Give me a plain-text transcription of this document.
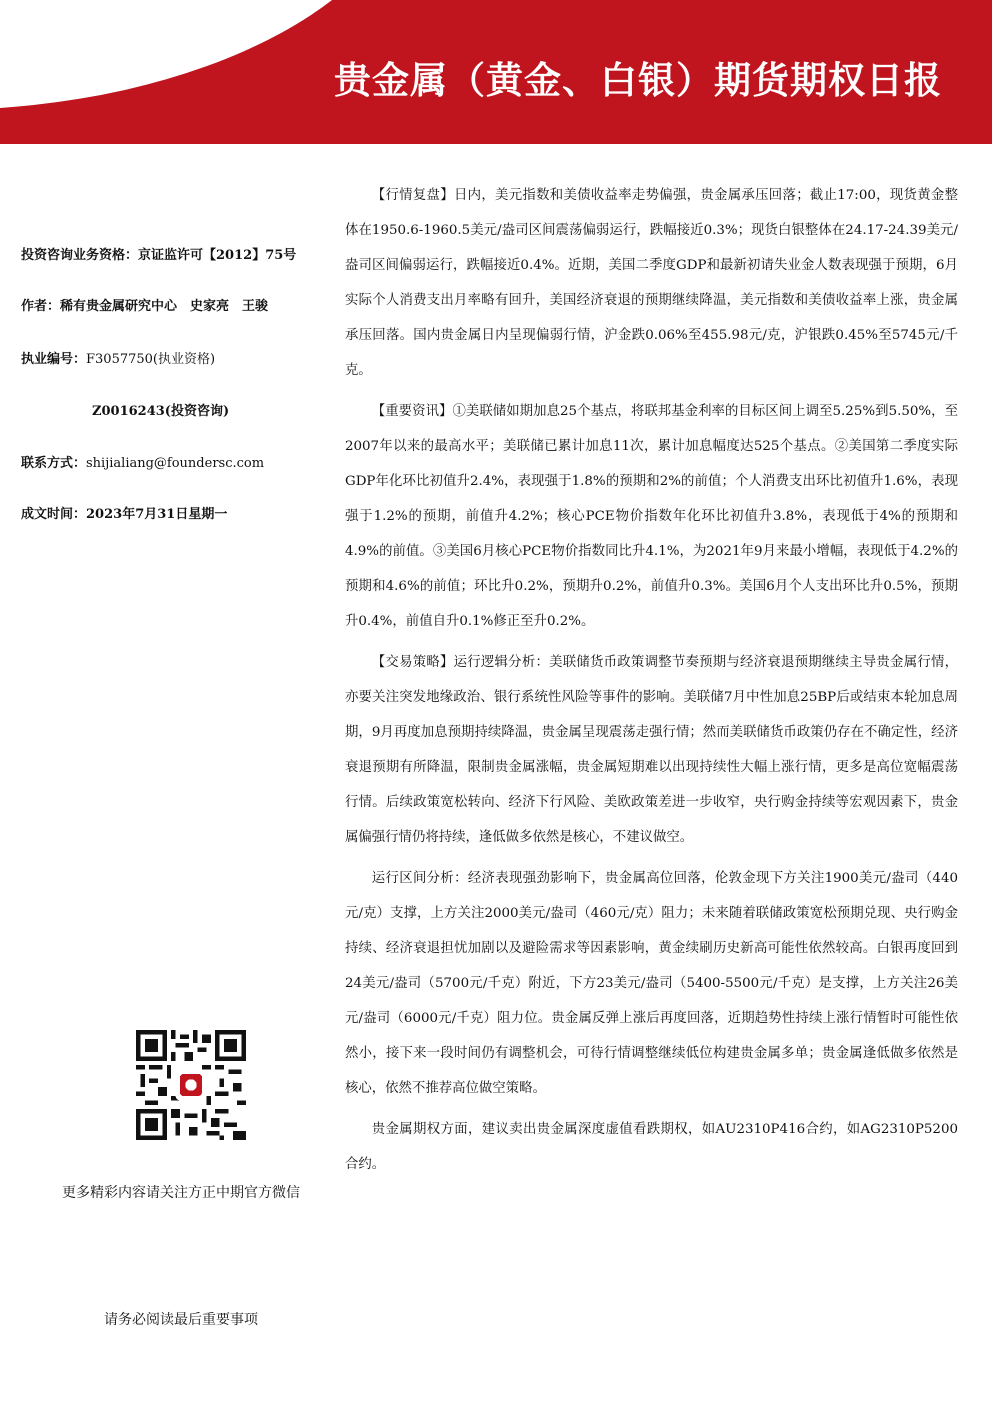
贵金属（黄金、白银）期货期权日报
投资咨询业务资格：京证监许可【2012】75号
作者：稀有贵金属研究中心　史家亮　王骏
执业编号：F3057750(执业资格)
Z0016243(投资咨询)
联系方式：shijialiang@foundersc.com
成文时间：2023年7月31日星期一
更多精彩内容请关注方正中期官方微信
请务必阅读最后重要事项

【行情复盘】日内，美元指数和美债收益率走势偏强，贵金属承压回落；截止17:00，现货黄金整体在1950.6-1960.5美元/盎司区间震荡偏弱运行，跌幅接近0.3%；现货白银整体在24.17-24.39美元/盎司区间偏弱运行，跌幅接近0.4%。近期，美国二季度GDP和最新初请失业金人数表现强于预期，6月实际个人消费支出月率略有回升，美国经济衰退的预期继续降温，美元指数和美债收益率上涨，贵金属承压回落。国内贵金属日内呈现偏弱行情，沪金跌0.06%至455.98元/克，沪银跌0.45%至5745元/千克。

【重要资讯】①美联储如期加息25个基点，将联邦基金利率的目标区间上调至5.25%到5.50%，至2007年以来的最高水平；美联储已累计加息11次，累计加息幅度达525个基点。②美国第二季度实际GDP年化环比初值升2.4%，表现强于1.8%的预期和2%的前值；个人消费支出环比初值升1.6%，表现强于1.2%的预期，前值升4.2%；核心PCE物价指数年化环比初值升3.8%，表现低于4%的预期和4.9%的前值。③美国6月核心PCE物价指数同比升4.1%，为2021年9月来最小增幅，表现低于4.2%的预期和4.6%的前值；环比升0.2%，预期升0.2%，前值升0.3%。美国6月个人支出环比升0.5%，预期升0.4%，前值自升0.1%修正至升0.2%。

【交易策略】运行逻辑分析：美联储货币政策调整节奏预期与经济衰退预期继续主导贵金属行情，亦要关注突发地缘政治、银行系统性风险等事件的影响。美联储7月中性加息25BP后或结束本轮加息周期，9月再度加息预期持续降温，贵金属呈现震荡走强行情；然而美联储货币政策仍存在不确定性，经济衰退预期有所降温，限制贵金属涨幅，贵金属短期难以出现持续性大幅上涨行情，更多是高位宽幅震荡行情。后续政策宽松转向、经济下行风险、美欧政策差进一步收窄，央行购金持续等宏观因素下，贵金属偏强行情仍将持续，逢低做多依然是核心，不建议做空。

运行区间分析：经济表现强劲影响下，贵金属高位回落，伦敦金现下方关注1900美元/盎司（440元/克）支撑，上方关注2000美元/盎司（460元/克）阻力；未来随着联储政策宽松预期兑现、央行购金持续、经济衰退担忧加剧以及避险需求等因素影响，黄金续刷历史新高可能性依然较高。白银再度回到24美元/盎司（5700元/千克）附近，下方23美元/盎司（5400-5500元/千克）是支撑，上方关注26美元/盎司（6000元/千克）阻力位。贵金属反弹上涨后再度回落，近期趋势性持续上涨行情暂时可能性依然小，接下来一段时间仍有调整机会，可待行情调整继续低位构建贵金属多单；贵金属逢低做多依然是核心，依然不推荐高位做空策略。

贵金属期权方面，建议卖出贵金属深度虚值看跌期权，如AU2310P416合约，如AG2310P5200合约。
